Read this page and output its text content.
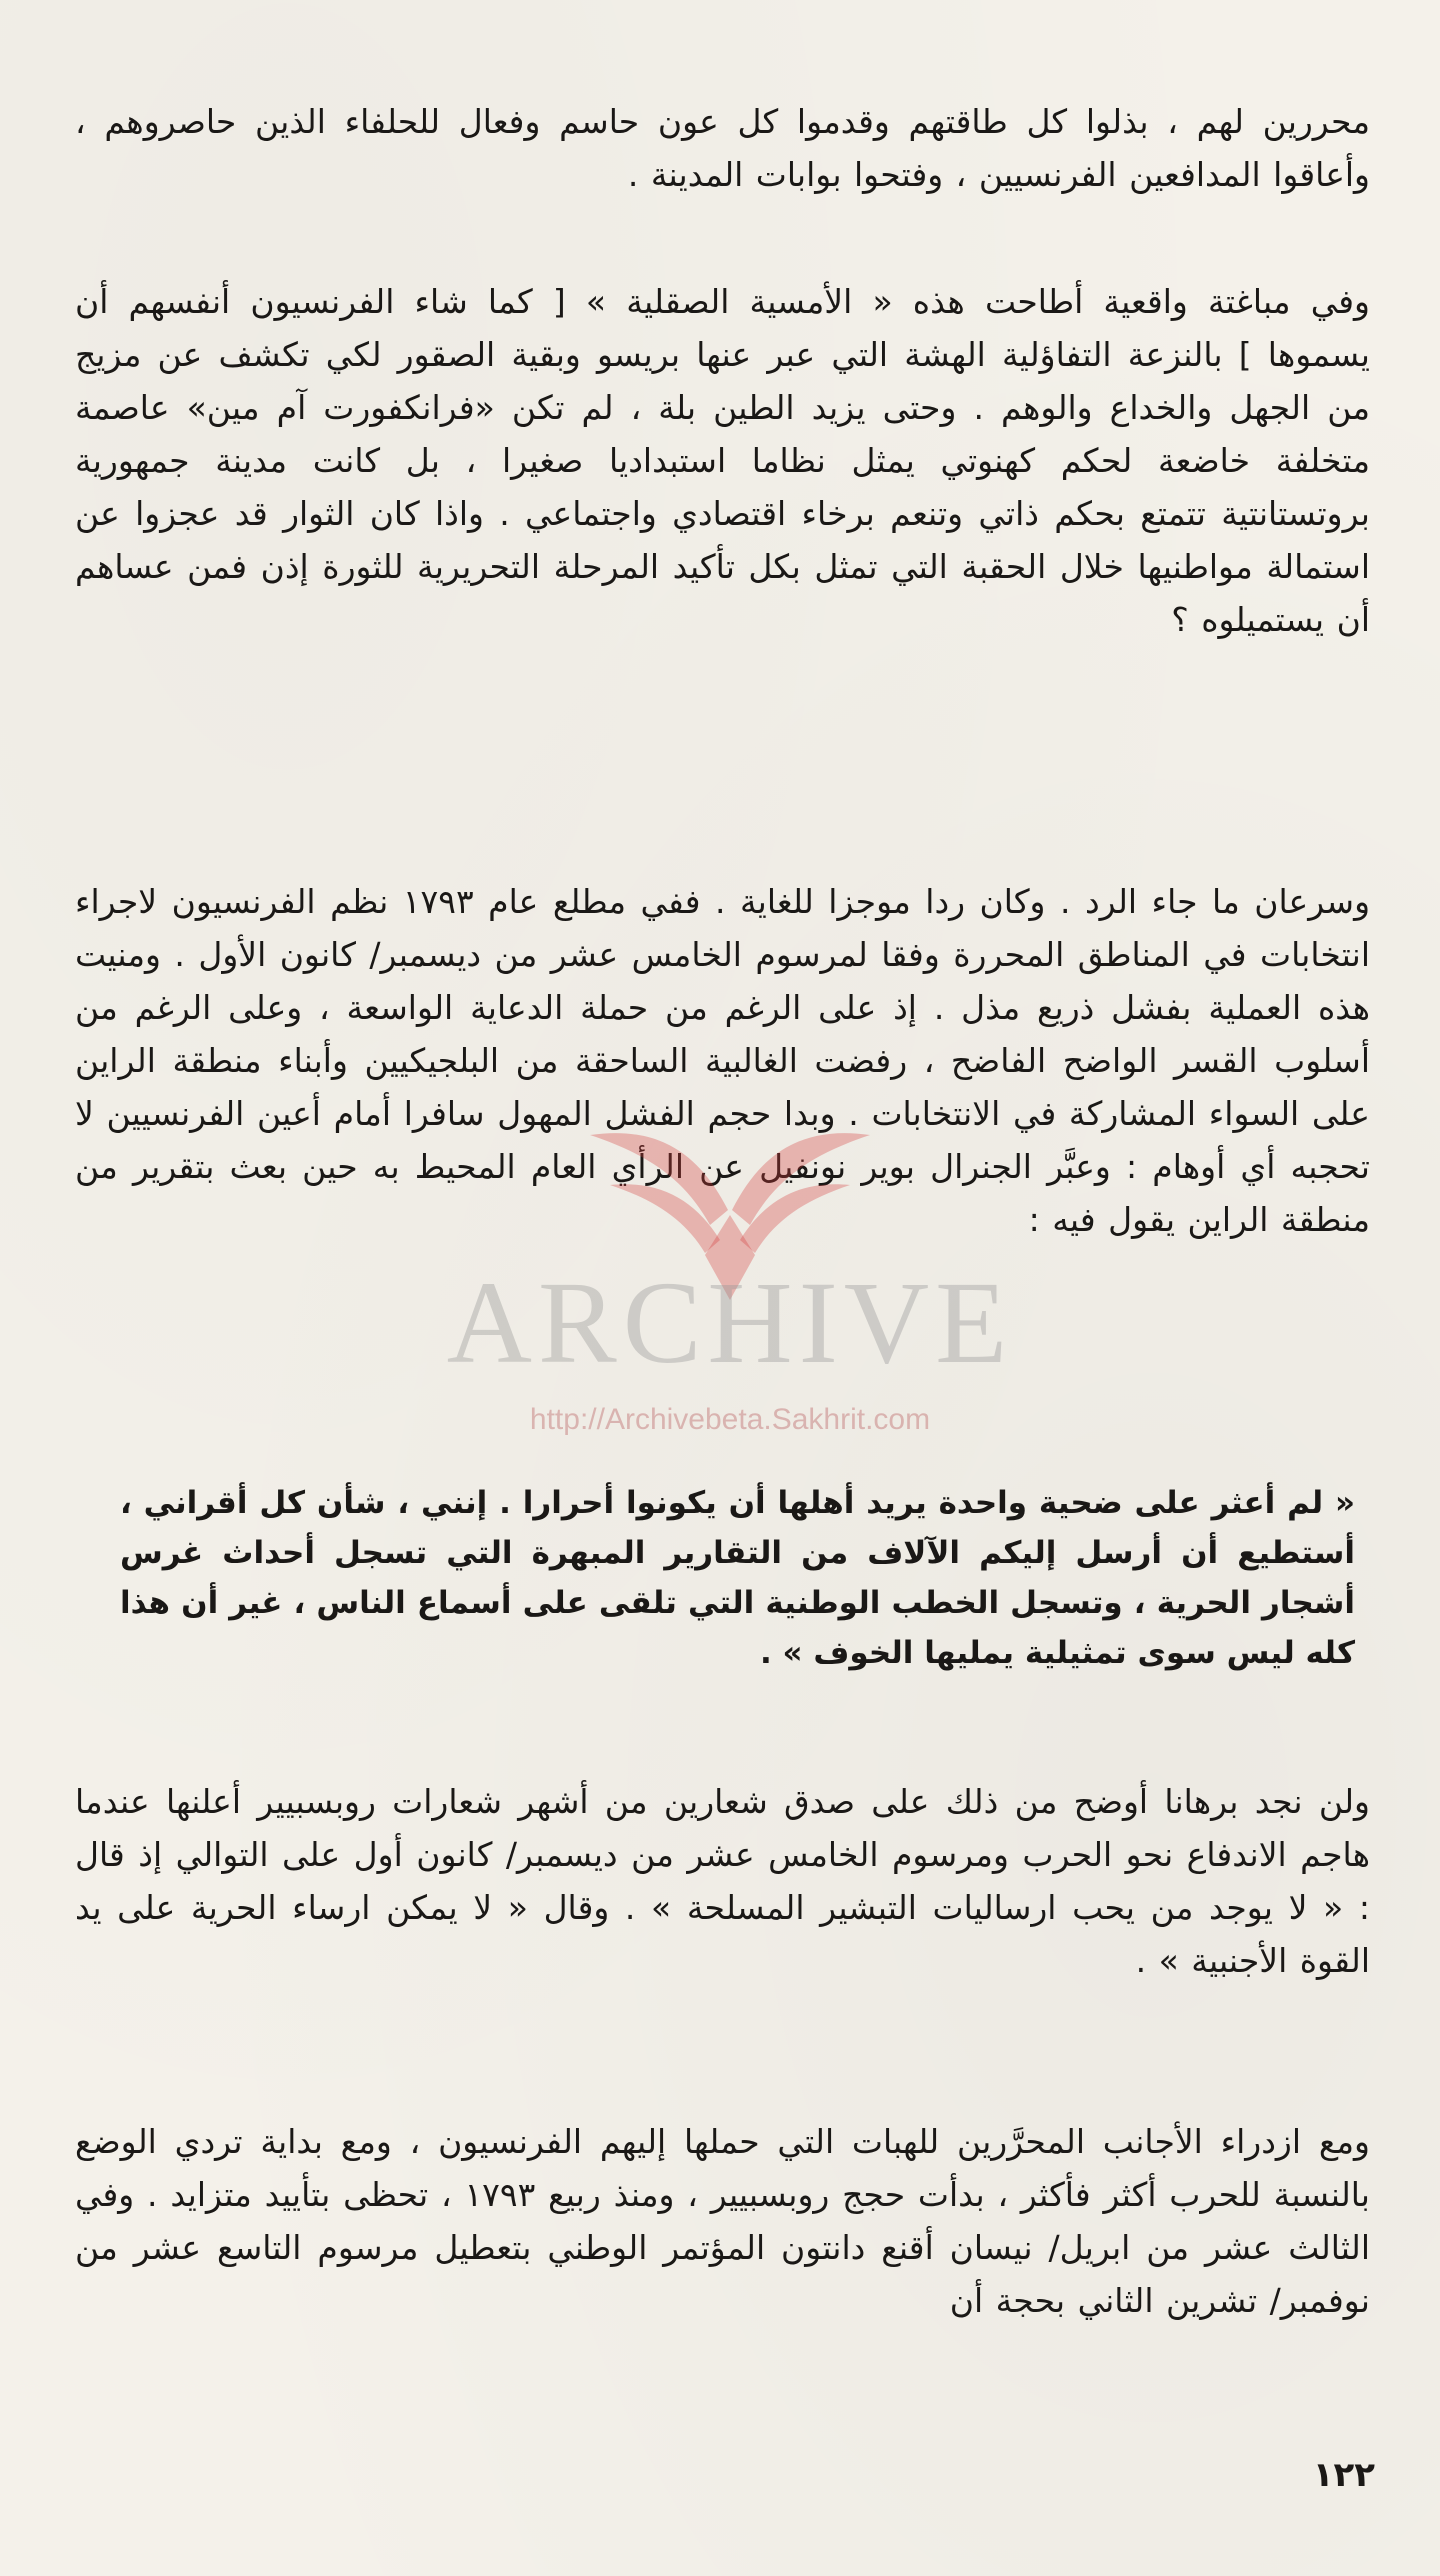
محررين لهم ، بذلوا كل طاقتهم وقدموا كل عون حاسم وفعال للحلفاء الذين حاصروهم ، وأعاقوا المدافعين الفرنسيين ، وفتحوا بوابات المدينة .

وفي مباغتة واقعية أطاحت هذه « الأمسية الصقلية » [ كما شاء الفرنسيون أنفسهم أن يسموها ] بالنزعة التفاؤلية الهشة التي عبر عنها بريسو وبقية الصقور لكي تكشف عن مزيج من الجهل والخداع والوهم . وحتى يزيد الطين بلة ، لم تكن «فرانكفورت آم مين» عاصمة متخلفة خاضعة لحكم كهنوتي يمثل نظاما استبداديا صغيرا ، بل كانت مدينة جمهورية بروتستانتية تتمتع بحكم ذاتي وتنعم برخاء اقتصادي واجتماعي . واذا كان الثوار قد عجزوا عن استمالة مواطنيها خلال الحقبة التي تمثل بكل تأكيد المرحلة التحريرية للثورة إذن فمن عساهم أن يستميلوه ؟

وسرعان ما جاء الرد . وكان ردا موجزا للغاية . ففي مطلع عام ١٧٩٣ نظم الفرنسيون لاجراء انتخابات في المناطق المحررة وفقا لمرسوم الخامس عشر من ديسمبر/ كانون الأول . ومنيت هذه العملية بفشل ذريع مذل . إذ على الرغم من حملة الدعاية الواسعة ، وعلى الرغم من أسلوب القسر الواضح الفاضح ، رفضت الغالبية الساحقة من البلجيكيين وأبناء منطقة الراين على السواء المشاركة في الانتخابات . وبدا حجم الفشل المهول سافرا أمام أعين الفرنسيين لا تحجبه أي أوهام : وعبَّر الجنرال بوير نونفيل عن الرأي العام المحيط به حين بعث بتقرير من منطقة الراين يقول فيه :

« لم أعثر على ضحية واحدة يريد أهلها أن يكونوا أحرارا . إنني ، شأن كل أقراني ، أستطيع أن أرسل إليكم الآلاف من التقارير المبهرة التي تسجل أحداث غرس أشجار الحرية ، وتسجل الخطب الوطنية التي تلقى على أسماع الناس ، غير أن هذا كله ليس سوى تمثيلية يمليها الخوف » .

ولن نجد برهانا أوضح من ذلك على صدق شعارين من أشهر شعارات روبسبيير أعلنها عندما هاجم الاندفاع نحو الحرب ومرسوم الخامس عشر من ديسمبر/ كانون أول على التوالي إذ قال : « لا يوجد من يحب ارساليات التبشير المسلحة » . وقال « لا يمكن ارساء الحرية على يد القوة الأجنبية » .

ومع ازدراء الأجانب المحرَّرين للهبات التي حملها إليهم الفرنسيون ، ومع بداية تردي الوضع بالنسبة للحرب أكثر فأكثر ، بدأت حجج روبسبيير ، ومنذ ربيع ١٧٩٣ ، تحظى بتأييد متزايد . وفي الثالث عشر من ابريل/ نيسان أقنع دانتون المؤتمر الوطني بتعطيل مرسوم التاسع عشر من نوفمبر/ تشرين الثاني بحجة أن

ARCHIVE
http://Archivebeta.Sakhrit.com
١٢٢
